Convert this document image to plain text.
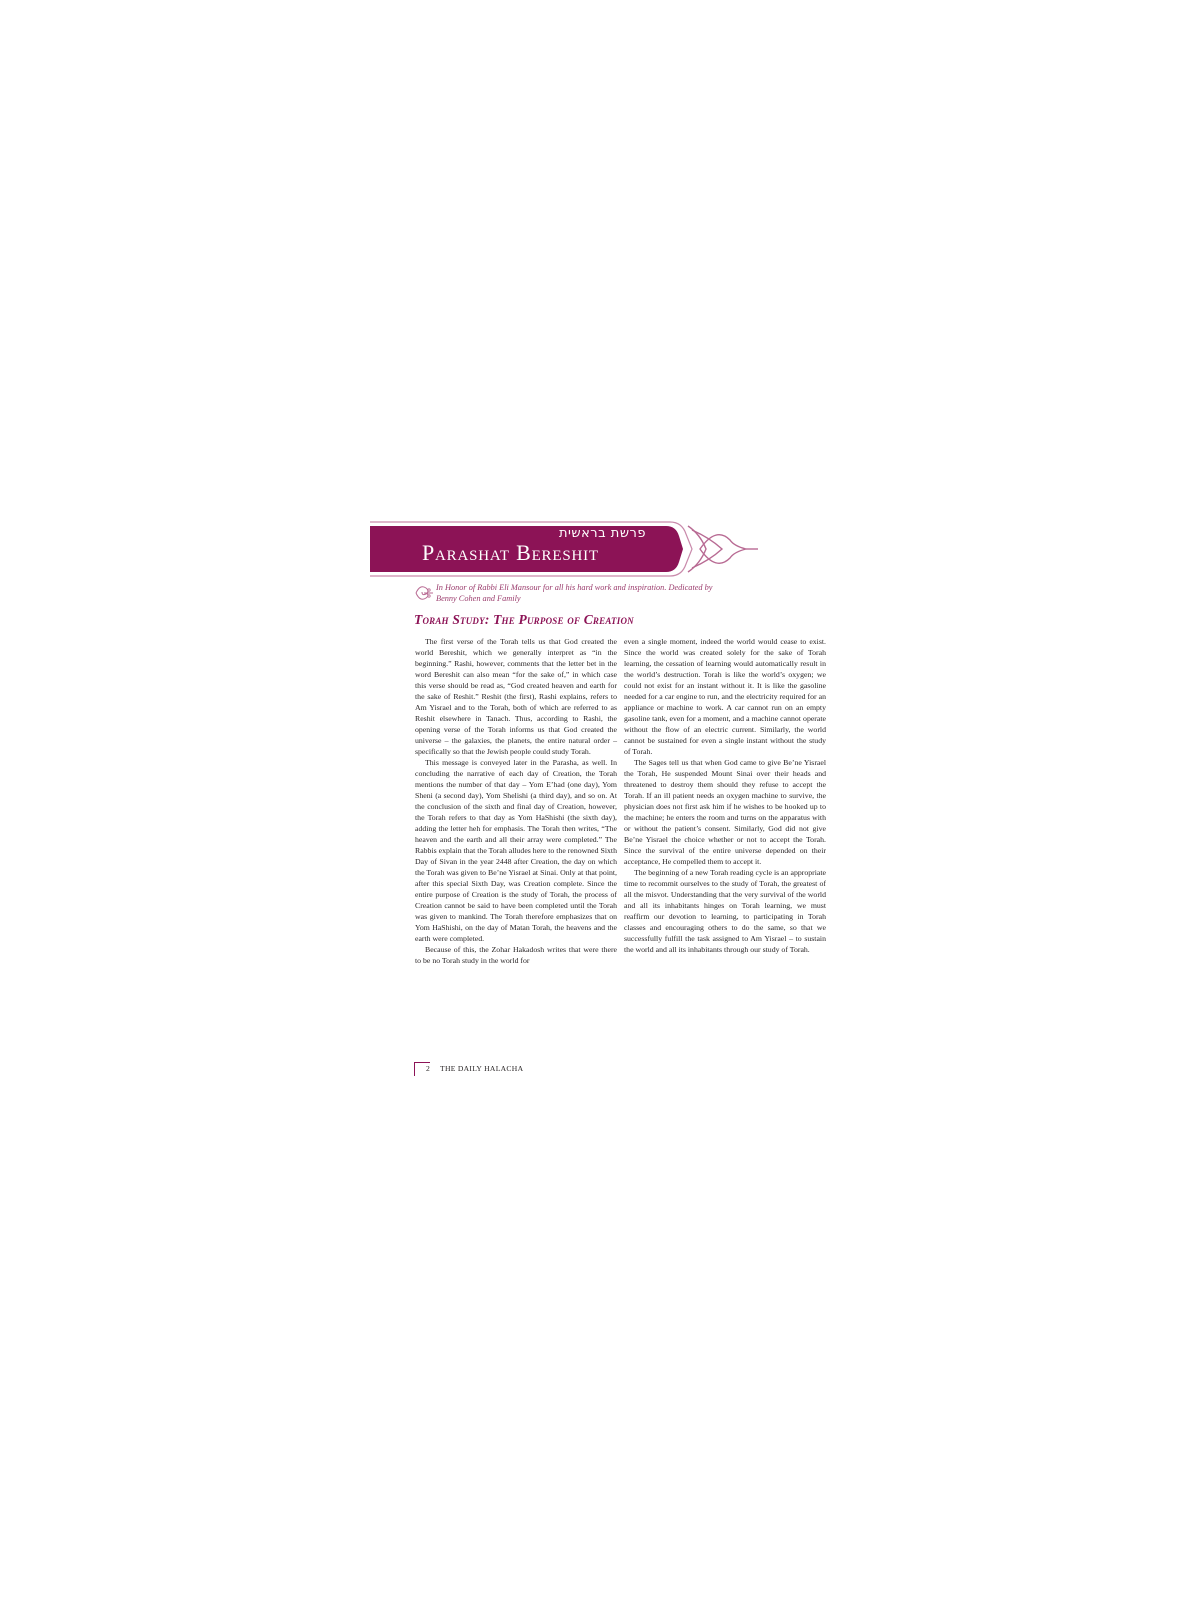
פרשת בראשית
Parashat Bereshit
In Honor of Rabbi Eli Mansour for all his hard work and inspiration. Dedicated by Benny Cohen and Family
Torah Study: The Purpose of Creation

The first verse of the Torah tells us that God created the world Bereshit, which we generally interpret as “in the beginning.” Rashi, however, comments that the letter bet in the word Bereshit can also mean “for the sake of,” in which case this verse should be read as, “God created heaven and earth for the sake of Reshit.” Reshit (the first), Rashi explains, refers to Am Yisrael and to the Torah, both of which are referred to as Reshit elsewhere in Tanach. Thus, according to Rashi, the opening verse of the Torah informs us that God created the universe – the galaxies, the planets, the entire natural order – specifically so that the Jewish people could study Torah.

This message is conveyed later in the Parasha, as well. In concluding the narrative of each day of Creation, the Torah mentions the number of that day – Yom E’had (one day), Yom Sheni (a second day), Yom Shelishi (a third day), and so on. At the conclusion of the sixth and final day of Creation, however, the Torah refers to that day as Yom HaShishi (the sixth day), adding the letter heh for emphasis. The Torah then writes, “The heaven and the earth and all their array were completed.” The Rabbis explain that the Torah alludes here to the renowned Sixth Day of Sivan in the year 2448 after Creation, the day on which the Torah was given to Be’ne Yisrael at Sinai. Only at that point, after this special Sixth Day, was Creation complete. Since the entire purpose of Creation is the study of Torah, the process of Creation cannot be said to have been completed until the Torah was given to mankind. The Torah therefore emphasizes that on Yom HaShishi, on the day of Matan Torah, the heavens and the earth were completed.

Because of this, the Zohar Hakadosh writes that were there to be no Torah study in the world for

even a single moment, indeed the world would cease to exist. Since the world was created solely for the sake of Torah learning, the cessation of learning would automatically result in the world’s destruction. Torah is like the world’s oxygen; we could not exist for an instant without it. It is like the gasoline needed for a car engine to run, and the electricity required for an appliance or machine to work. A car cannot run on an empty gasoline tank, even for a moment, and a machine cannot operate without the flow of an electric current. Similarly, the world cannot be sustained for even a single instant without the study of Torah.

The Sages tell us that when God came to give Be’ne Yisrael the Torah, He suspended Mount Sinai over their heads and threatened to destroy them should they refuse to accept the Torah. If an ill patient needs an oxygen machine to survive, the physician does not first ask him if he wishes to be hooked up to the machine; he enters the room and turns on the apparatus with or without the patient’s consent. Similarly, God did not give Be’ne Yisrael the choice whether or not to accept the Torah. Since the survival of the entire universe depended on their acceptance, He compelled them to accept it.

The beginning of a new Torah reading cycle is an appropriate time to recommit ourselves to the study of Torah, the greatest of all the misvot. Understanding that the very survival of the world and all its inhabitants hinges on Torah learning, we must reaffirm our devotion to learning, to participating in Torah classes and encouraging others to do the same, so that we successfully fulfill the task assigned to Am Yisrael – to sustain the world and all its inhabitants through our study of Torah.

2 THE DAILY HALACHA
